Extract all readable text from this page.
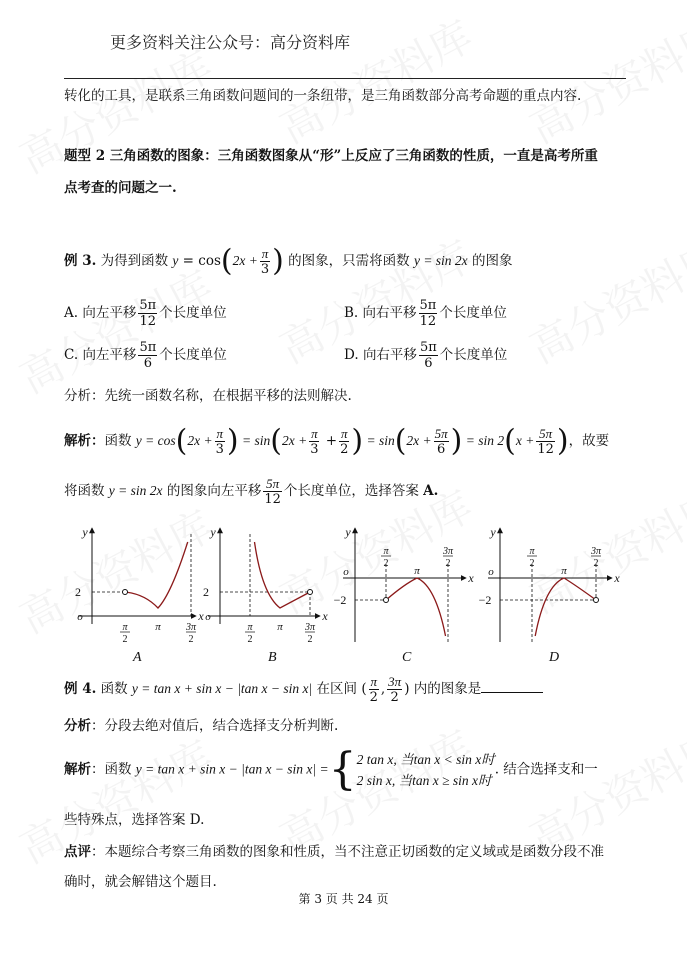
更多资料关注公众号：高分资料库
转化的工具，是联系三角函数问题间的一条纽带，是三角函数部分高考命题的重点内容.
题型 2 三角函数的图象：三角函数图象从“形”上反应了三角函数的性质，一直是高考所重
点考查的问题之一.
例 3. 为得到函数 $y = \cos(2x + \frac{\pi}{3}$ ) 的图象，只需将函数 y = sin 2x 的图象
A. 向左平移 $\frac{5\pi}{12}$ 个长度单位	B. 向右平移 $\frac{5\pi}{12}$ 个长度单位
C. 向左平移 $\frac{5\pi}{6}$ 个长度单位	D. 向右平移 $\frac{5\pi}{6}$ 个长度单位
分析：先统一函数名称，在根据平移的法则解决.
解析：函数 $y = \cos(2x + \frac{\pi}{3}$ ) = $\sin(2x + \frac{\pi}{3} + \frac{\pi}{2}$ ) = $\sin(2x + \frac{5\pi}{6}$ ) = $\sin 2(x + \frac{5\pi}{12}$ )，故要
将函数 y = sin 2x 的图象向左平移 $\frac{5\pi}{12}$ 个长度单位，选择答案 A.
y
x
o
2
π
2
π	3π
2
y
x
o
2
π
2
π 3π
2
y
x
o
−2
π
2
π
3π
2
y
x
o
−2
π
2
π
3π
2
A	B	C	D
例 4. 函数 y = tan x + sin x − |tan x − sin x| 在区间 ( $\frac{\pi}{2}$ , $\frac{3\pi}{2}$ ) 内的图象是
分析：分段去绝对值后，结合选择支分析判断.
解析：函数 y = tan x + sin x − |tan x − sin x| ={ 2 tan x, 当tan x < sin x时
2 sin x, 当tan x ≥ sin x时
. 结合选择支和一
些特殊点，选择答案 D.
点评：本题综合考察三角函数的图象和性质，当不注意正切函数的定义域或是函数分段不准
确时，就会解错这个题目.
第 3 页 共 24 页
